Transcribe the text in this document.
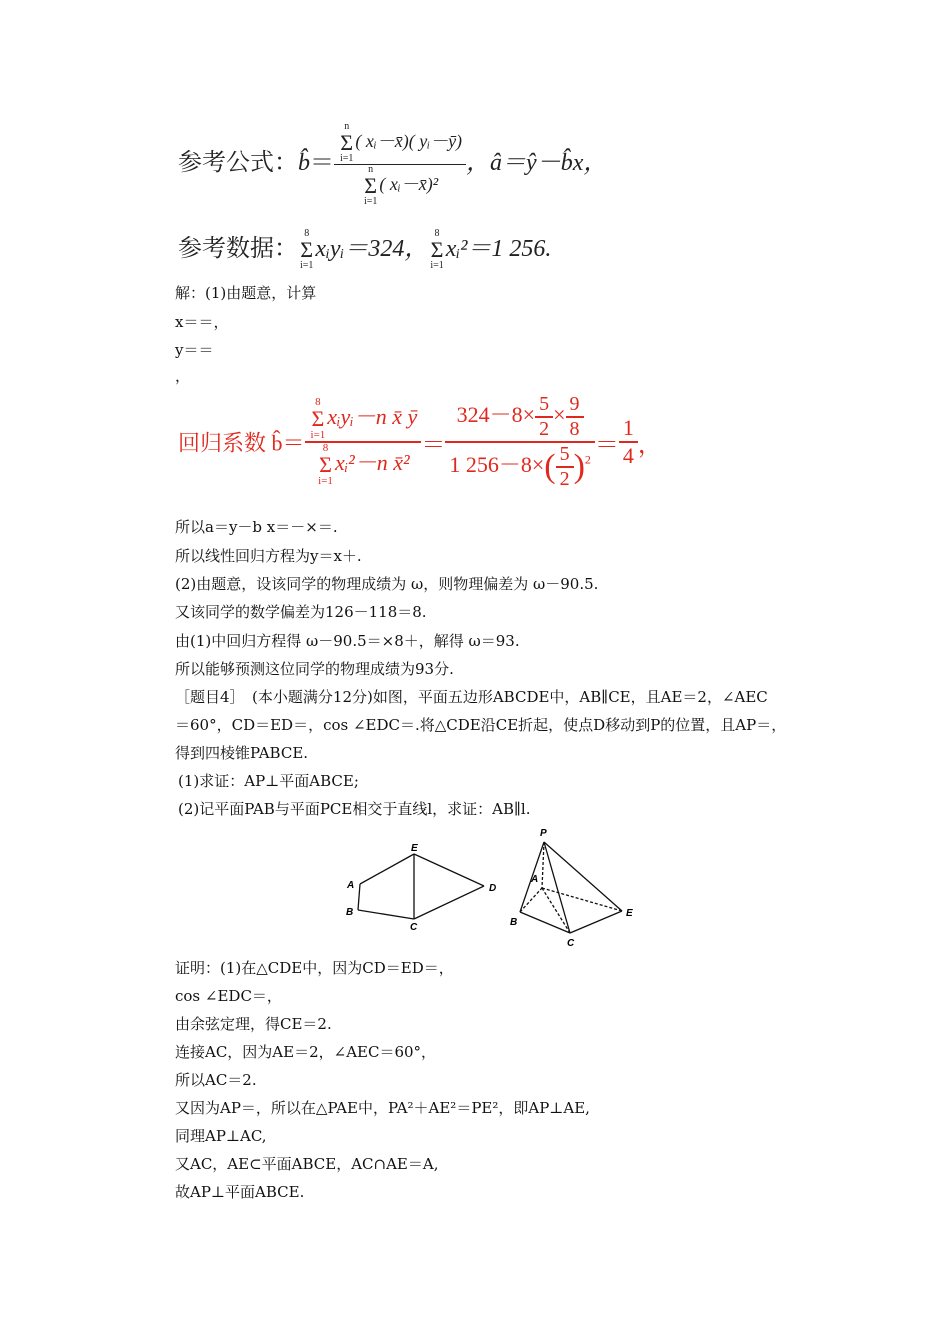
参考公式：b̂＝ n
Σ
i=1
( xᵢ－x̄)( yᵢ－ȳ)
n
Σ
i=1
( xᵢ－x̄)² ，â＝ŷ－b̂x，
参考数据：
8
Σ
i=1
xᵢyᵢ＝324，
8
Σ
i=1
xᵢ²＝1 256.
解：(1)由题意，计算
x＝＝，
y＝＝
，
回归系数 b̂＝ 8
Σ
i=1
xᵢyᵢ－n x̄ ȳ
8
Σ
i=1
xᵢ²－n x̄² ＝ $\frac{324-8\times \frac{5}{2} \times \frac{9}{8}}{1 256-8\times( \frac{5}{2} )^2} = \frac{1}{4}$ ，
所以a＝y－b x＝－×＝.
所以线性回归方程为y＝x＋.
(2)由题意，设该同学的物理成绩为 ω，则物理偏差为 ω－90.5.
又该同学的数学偏差为126－118＝8.
由(1)中回归方程得 ω－90.5＝×8＋，解得 ω＝93.
所以能够预测这位同学的物理成绩为93分.
［题目4］　(本小题满分12分)如图，平面五边形ABCDE中，AB∥CE，且AE＝2，∠AEC
＝60°，CD＝ED＝，cos ∠EDC＝.将△CDE沿CE折起，使点D移动到P的位置，且AP＝，
得到四棱锥PABCE.
(1)求证：AP⊥平面ABCE;
(2)记平面PAB与平面PCE相交于直线l，求证：AB∥l.
A
B
C
D
E
P
A
B
C
E
证明：(1)在△CDE中，因为CD＝ED＝，
cos ∠EDC＝，
由余弦定理，得CE＝2.
连接AC，因为AE＝2，∠AEC＝60°，
所以AC＝2.
又因为AP＝，所以在△PAE中，PA²＋AE²＝PE²，即AP⊥AE,
同理AP⊥AC,
又AC，AE⊂平面ABCE，AC∩AE＝A,
故AP⊥平面ABCE.
